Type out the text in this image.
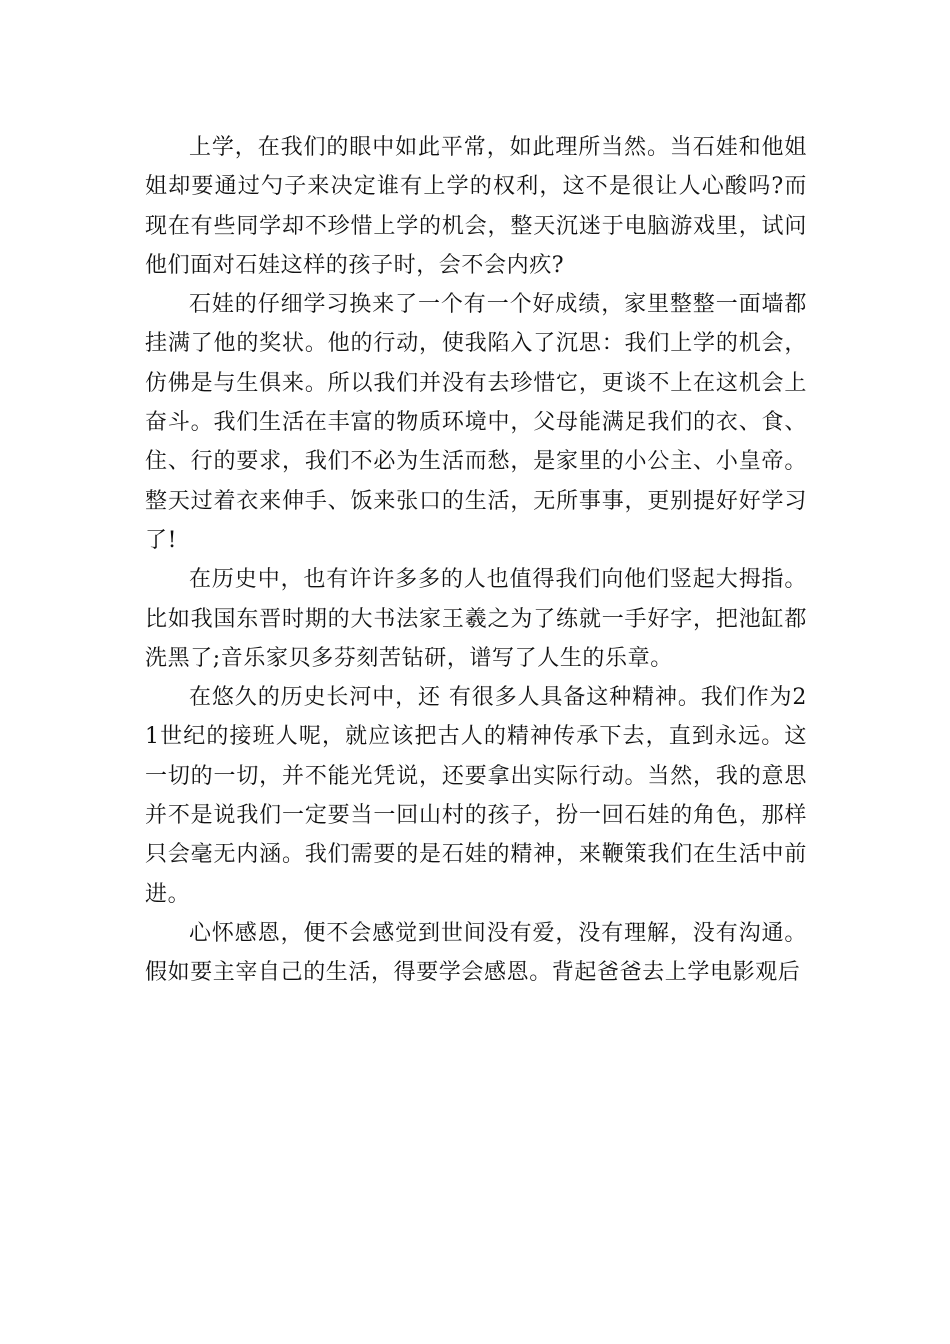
上学，在我们的眼中如此平常，如此理所当然。当石娃和他姐姐却要通过勺子来决定谁有上学的权利，这不是很让人心酸吗?而现在有些同学却不珍惜上学的机会，整天沉迷于电脑游戏里，试问他们面对石娃这样的孩子时，会不会内疚?

石娃的仔细学习换来了一个有一个好成绩，家里整整一面墙都挂满了他的奖状。他的行动，使我陷入了沉思：我们上学的机会，仿佛是与生俱来。所以我们并没有去珍惜它，更谈不上在这机会上奋斗。我们生活在丰富的物质环境中，父母能满足我们的衣、食、住、行的要求，我们不必为生活而愁，是家里的小公主、小皇帝。整天过着衣来伸手、饭来张口的生活，无所事事，更别提好好学习了!

在历史中，也有许许多多的人也值得我们向他们竖起大拇指。比如我国东晋时期的大书法家王羲之为了练就一手好字，把池缸都洗黑了;音乐家贝多芬刻苦钻研，谱写了人生的乐章。

在悠久的历史长河中，还 有很多人具备这种精神。我们作为21世纪的接班人呢，就应该把古人的精神传承下去，直到永远。这一切的一切，并不能光凭说，还要拿出实际行动。当然，我的意思并不是说我们一定要当一回山村的孩子，扮一回石娃的角色，那样只会毫无内涵。我们需要的是石娃的精神，来鞭策我们在生活中前进。

心怀感恩，便不会感觉到世间没有爱，没有理解，没有沟通。假如要主宰自己的生活，得要学会感恩。背起爸爸去上学电影观后
